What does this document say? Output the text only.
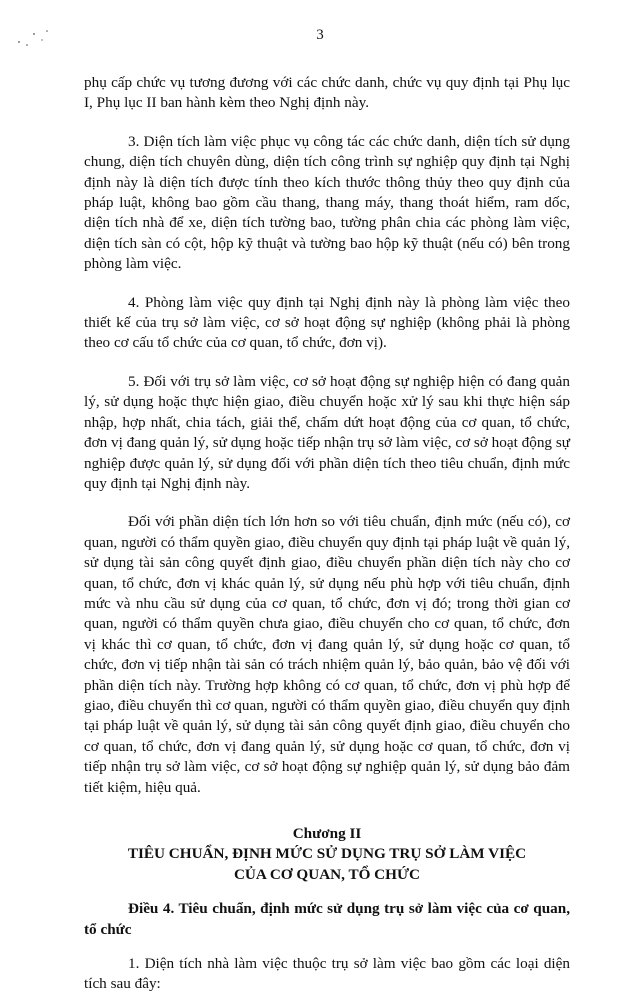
3

phụ cấp chức vụ tương đương với các chức danh, chức vụ quy định tại Phụ lục I, Phụ lục II ban hành kèm theo Nghị định này.

3. Diện tích làm việc phục vụ công tác các chức danh, diện tích sử dụng chung, diện tích chuyên dùng, diện tích công trình sự nghiệp quy định tại Nghị định này là diện tích được tính theo kích thước thông thủy theo quy định của pháp luật, không bao gồm cầu thang, thang máy, thang thoát hiểm, ram dốc, diện tích nhà để xe, diện tích tường bao, tường phân chia các phòng làm việc, diện tích sàn có cột, hộp kỹ thuật và tường bao hộp kỹ thuật (nếu có) bên trong phòng làm việc.

4. Phòng làm việc quy định tại Nghị định này là phòng làm việc theo thiết kế của trụ sở làm việc, cơ sở hoạt động sự nghiệp (không phải là phòng theo cơ cấu tổ chức của cơ quan, tổ chức, đơn vị).

5. Đối với trụ sở làm việc, cơ sở hoạt động sự nghiệp hiện có đang quản lý, sử dụng hoặc thực hiện giao, điều chuyển hoặc xử lý sau khi thực hiện sáp nhập, hợp nhất, chia tách, giải thể, chấm dứt hoạt động của cơ quan, tổ chức, đơn vị đang quản lý, sử dụng hoặc tiếp nhận trụ sở làm việc, cơ sở hoạt động sự nghiệp được quản lý, sử dụng đối với phần diện tích theo tiêu chuẩn, định mức quy định tại Nghị định này.

Đối với phần diện tích lớn hơn so với tiêu chuẩn, định mức (nếu có), cơ quan, người có thẩm quyền giao, điều chuyển quy định tại pháp luật về quản lý, sử dụng tài sản công quyết định giao, điều chuyển phần diện tích này cho cơ quan, tổ chức, đơn vị khác quản lý, sử dụng nếu phù hợp với tiêu chuẩn, định mức và nhu cầu sử dụng của cơ quan, tổ chức, đơn vị đó; trong thời gian cơ quan, người có thẩm quyền chưa giao, điều chuyển cho cơ quan, tổ chức, đơn vị khác thì cơ quan, tổ chức, đơn vị đang quản lý, sử dụng hoặc cơ quan, tổ chức, đơn vị tiếp nhận tài sản có trách nhiệm quản lý, bảo quản, bảo vệ đối với phần diện tích này. Trường hợp không có cơ quan, tổ chức, đơn vị phù hợp để giao, điều chuyển thì cơ quan, người có thẩm quyền giao, điều chuyển quy định tại pháp luật về quản lý, sử dụng tài sản công quyết định giao, điều chuyển cho cơ quan, tổ chức, đơn vị đang quản lý, sử dụng hoặc cơ quan, tổ chức, đơn vị tiếp nhận trụ sở làm việc, cơ sở hoạt động sự nghiệp quản lý, sử dụng bảo đảm tiết kiệm, hiệu quả.

Chương II

TIÊU CHUẨN, ĐỊNH MỨC SỬ DỤNG TRỤ SỞ LÀM VIỆC

CỦA CƠ QUAN, TỔ CHỨC

Điều 4. Tiêu chuẩn, định mức sử dụng trụ sở làm việc của cơ quan, tổ chức

1. Diện tích nhà làm việc thuộc trụ sở làm việc bao gồm các loại diện tích sau đây:
